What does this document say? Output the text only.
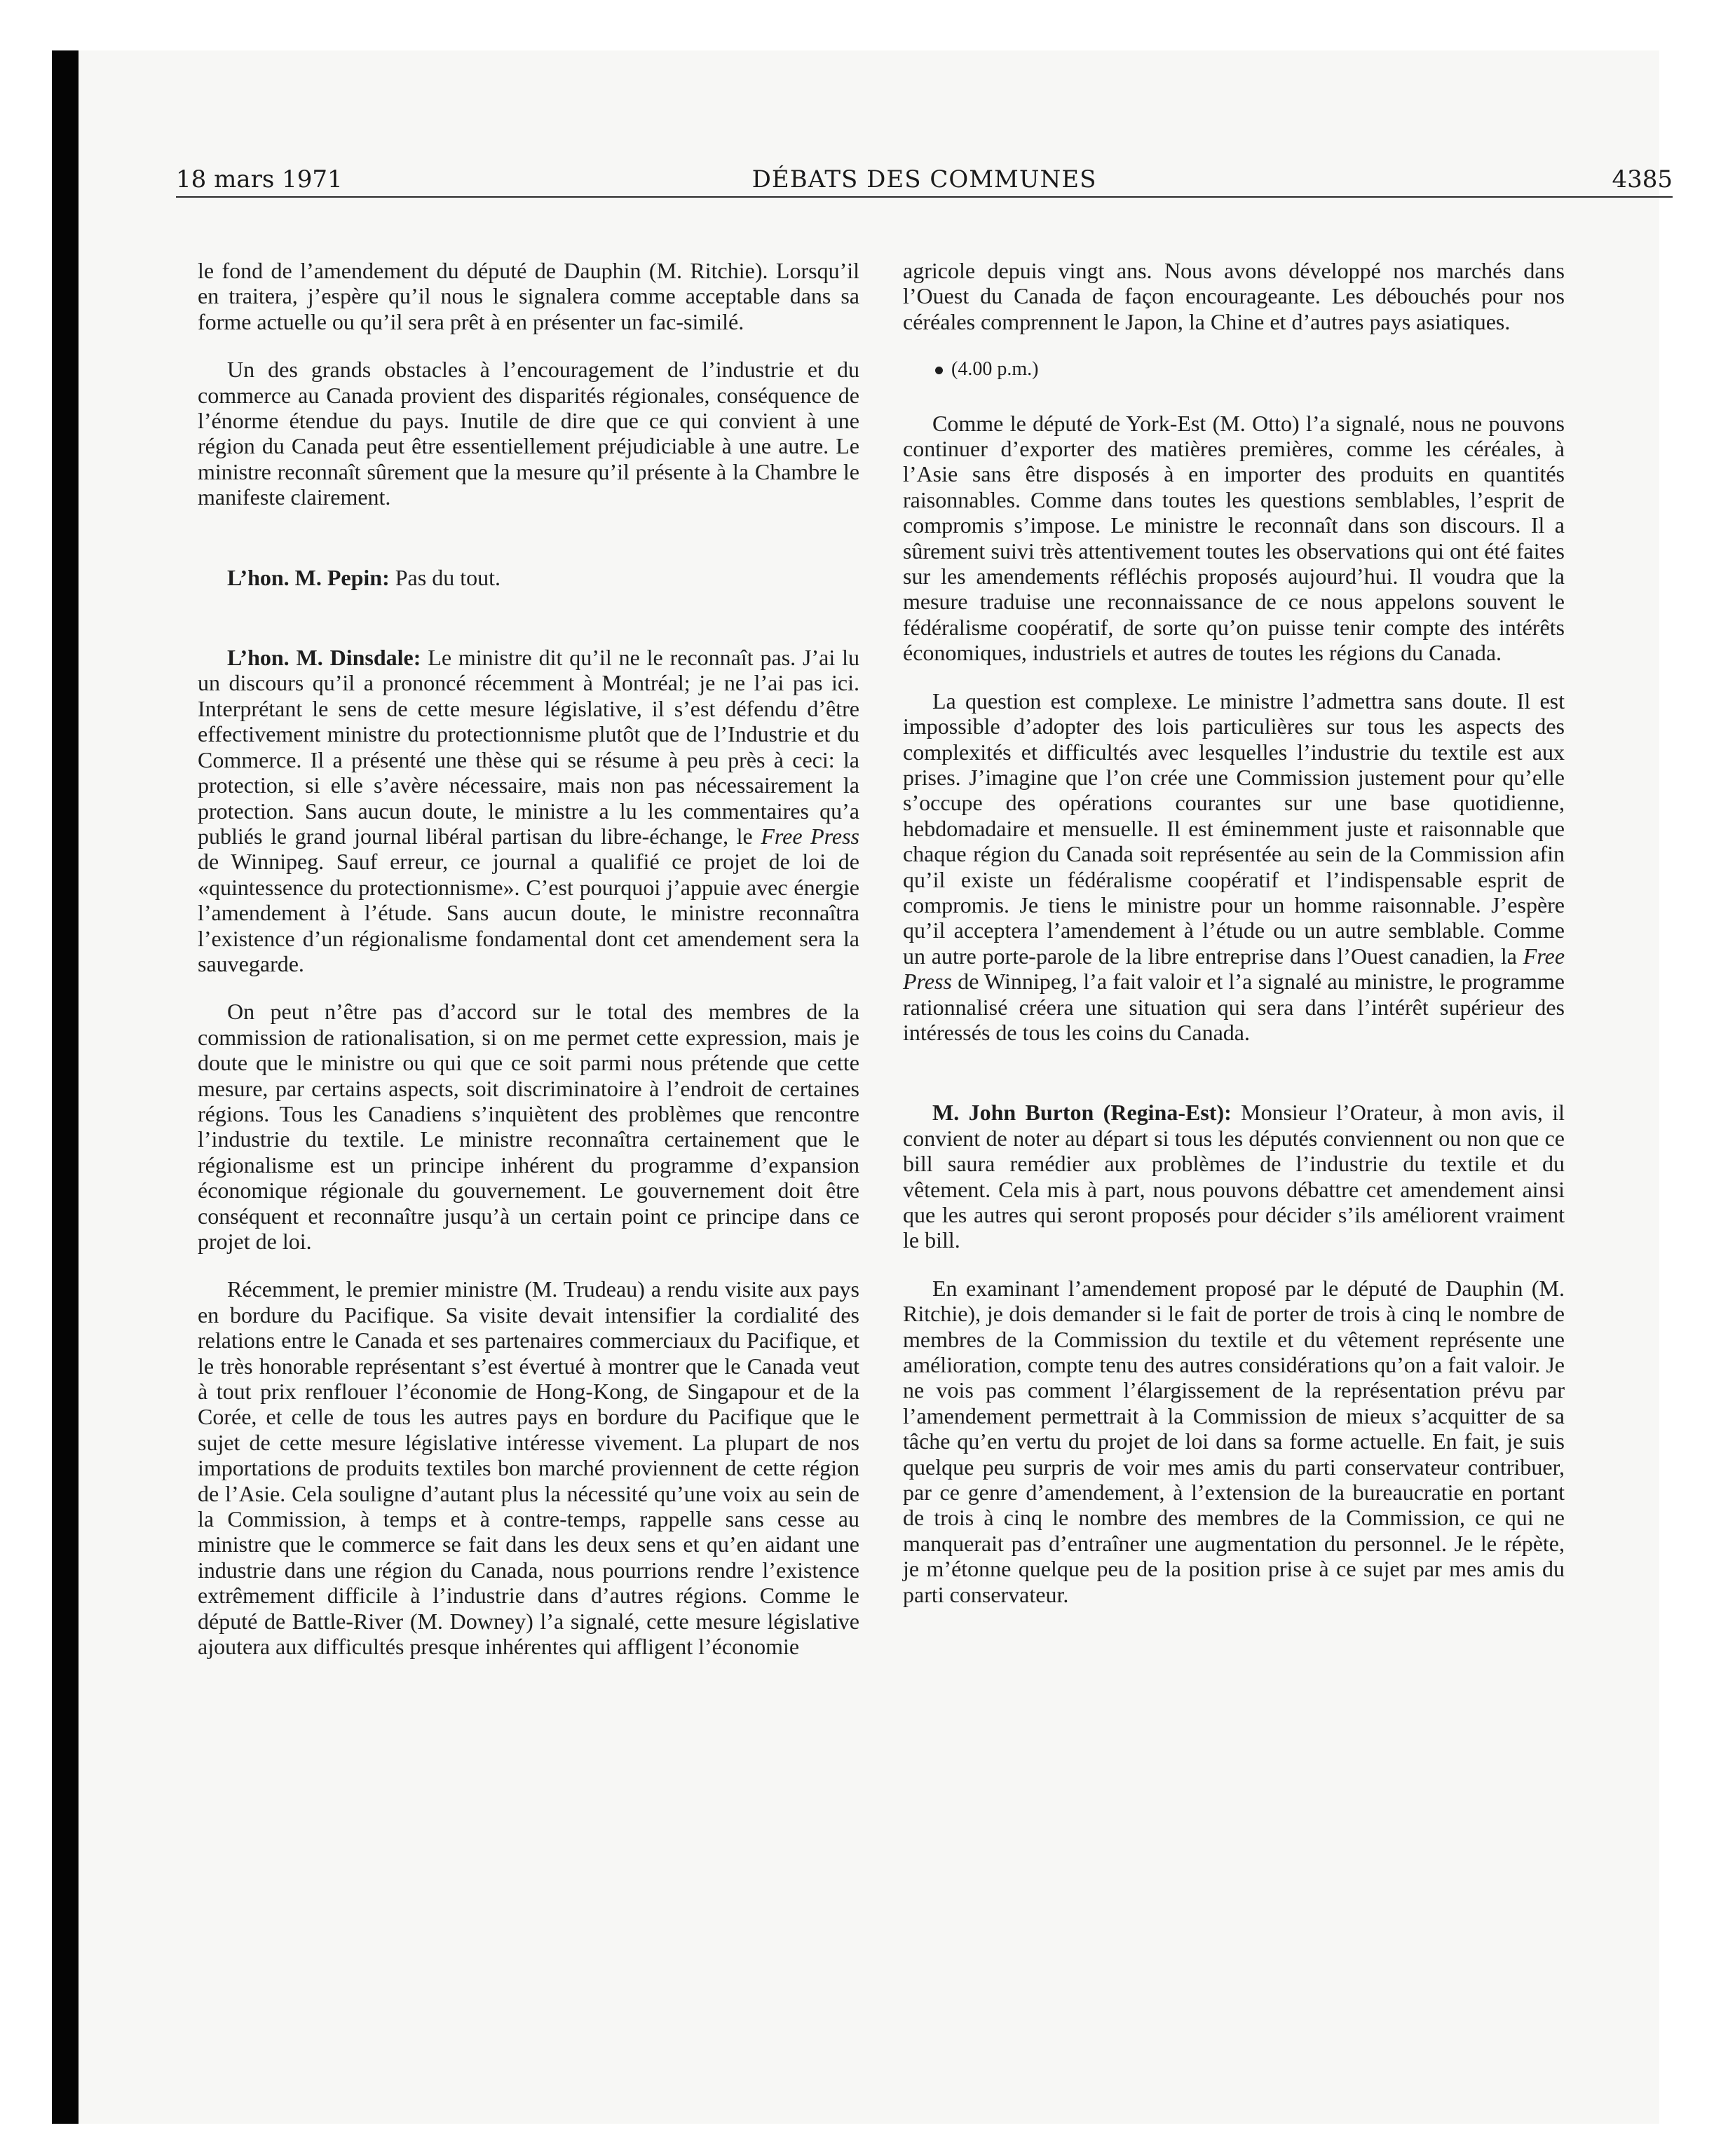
18 mars 1971	DÉBATS DES COMMUNES	4385

le fond de l’amendement du député de Dauphin (M. Ritchie). Lorsqu’il en traitera, j’espère qu’il nous le signalera comme acceptable dans sa forme actuelle ou qu’il sera prêt à en présenter un fac-similé.

Un des grands obstacles à l’encouragement de l’industrie et du commerce au Canada provient des disparités régionales, conséquence de l’énorme étendue du pays. Inutile de dire que ce qui convient à une région du Canada peut être essentiellement préjudiciable à une autre. Le ministre reconnaît sûrement que la mesure qu’il présente à la Chambre le manifeste clairement.

L’hon. M. Pepin: Pas du tout.

L’hon. M. Dinsdale: Le ministre dit qu’il ne le reconnaît pas. J’ai lu un discours qu’il a prononcé récemment à Montréal; je ne l’ai pas ici. Interprétant le sens de cette mesure législative, il s’est défendu d’être effectivement ministre du protectionnisme plutôt que de l’Industrie et du Commerce. Il a présenté une thèse qui se résume à peu près à ceci: la protection, si elle s’avère nécessaire, mais non pas nécessairement la protection. Sans aucun doute, le ministre a lu les commentaires qu’a publiés le grand journal libéral partisan du libre-échange, le Free Press de Winnipeg. Sauf erreur, ce journal a qualifié ce projet de loi de «quintessence du protectionnisme». C’est pourquoi j’appuie avec énergie l’amendement à l’étude. Sans aucun doute, le ministre reconnaîtra l’existence d’un régionalisme fondamental dont cet amendement sera la sauvegarde.

On peut n’être pas d’accord sur le total des membres de la commission de rationalisation, si on me permet cette expression, mais je doute que le ministre ou qui que ce soit parmi nous prétende que cette mesure, par certains aspects, soit discriminatoire à l’endroit de certaines régions. Tous les Canadiens s’inquiètent des problèmes que rencontre l’industrie du textile. Le ministre reconnaîtra certainement que le régionalisme est un principe inhérent du programme d’expansion économique régionale du gouvernement. Le gouvernement doit être conséquent et reconnaître jusqu’à un certain point ce principe dans ce projet de loi.

Récemment, le premier ministre (M. Trudeau) a rendu visite aux pays en bordure du Pacifique. Sa visite devait intensifier la cordialité des relations entre le Canada et ses partenaires commerciaux du Pacifique, et le très honorable représentant s’est évertué à montrer que le Canada veut à tout prix renflouer l’économie de Hong-Kong, de Singapour et de la Corée, et celle de tous les autres pays en bordure du Pacifique que le sujet de cette mesure législative intéresse vivement. La plupart de nos importations de produits textiles bon marché proviennent de cette région de l’Asie. Cela souligne d’autant plus la nécessité qu’une voix au sein de la Commission, à temps et à contre-temps, rappelle sans cesse au ministre que le commerce se fait dans les deux sens et qu’en aidant une industrie dans une région du Canada, nous pourrions rendre l’existence extrêmement difficile à l’industrie dans d’autres régions. Comme le député de Battle-River (M. Downey) l’a signalé, cette mesure législative ajoutera aux difficultés presque inhérentes qui affligent l’économie

agricole depuis vingt ans. Nous avons développé nos marchés dans l’Ouest du Canada de façon encourageante. Les débouchés pour nos céréales comprennent le Japon, la Chine et d’autres pays asiatiques.

(4.00 p.m.)

Comme le député de York-Est (M. Otto) l’a signalé, nous ne pouvons continuer d’exporter des matières premières, comme les céréales, à l’Asie sans être disposés à en importer des produits en quantités raisonnables. Comme dans toutes les questions semblables, l’esprit de compromis s’impose. Le ministre le reconnaît dans son discours. Il a sûrement suivi très attentivement toutes les observations qui ont été faites sur les amendements réfléchis proposés aujourd’hui. Il voudra que la mesure traduise une reconnaissance de ce nous appelons souvent le fédéralisme coopératif, de sorte qu’on puisse tenir compte des intérêts économiques, industriels et autres de toutes les régions du Canada.

La question est complexe. Le ministre l’admettra sans doute. Il est impossible d’adopter des lois particulières sur tous les aspects des complexités et difficultés avec lesquelles l’industrie du textile est aux prises. J’imagine que l’on crée une Commission justement pour qu’elle s’occupe des opérations courantes sur une base quotidienne, hebdomadaire et mensuelle. Il est éminemment juste et raisonnable que chaque région du Canada soit représentée au sein de la Commission afin qu’il existe un fédéralisme coopératif et l’indispensable esprit de compromis. Je tiens le ministre pour un homme raisonnable. J’espère qu’il acceptera l’amendement à l’étude ou un autre semblable. Comme un autre porte-parole de la libre entreprise dans l’Ouest canadien, la Free Press de Winnipeg, l’a fait valoir et l’a signalé au ministre, le programme rationnalisé créera une situation qui sera dans l’intérêt supérieur des intéressés de tous les coins du Canada.

M. John Burton (Regina-Est): Monsieur l’Orateur, à mon avis, il convient de noter au départ si tous les députés conviennent ou non que ce bill saura remédier aux problèmes de l’industrie du textile et du vêtement. Cela mis à part, nous pouvons débattre cet amendement ainsi que les autres qui seront proposés pour décider s’ils améliorent vraiment le bill.

En examinant l’amendement proposé par le député de Dauphin (M. Ritchie), je dois demander si le fait de porter de trois à cinq le nombre de membres de la Commission du textile et du vêtement représente une amélioration, compte tenu des autres considérations qu’on a fait valoir. Je ne vois pas comment l’élargissement de la représentation prévu par l’amendement permettrait à la Commission de mieux s’acquitter de sa tâche qu’en vertu du projet de loi dans sa forme actuelle. En fait, je suis quelque peu surpris de voir mes amis du parti conservateur contribuer, par ce genre d’amendement, à l’extension de la bureaucratie en portant de trois à cinq le nombre des membres de la Commission, ce qui ne manquerait pas d’entraîner une augmentation du personnel. Je le répète, je m’étonne quelque peu de la position prise à ce sujet par mes amis du parti conservateur.
